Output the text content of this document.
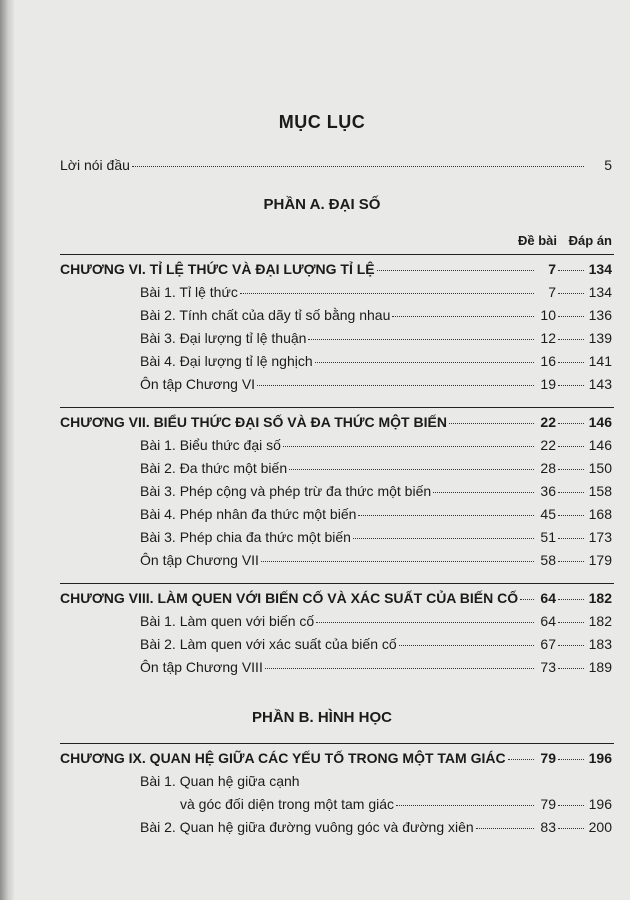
MỤC LỤC
Lời nói đầu	5
PHẦN A. ĐẠI SỐ
Đề bài Đáp án
CHƯƠNG VI. TỈ LỆ THỨC VÀ ĐẠI LƯỢNG TỈ LỆ	7 134
Bài 1. Tỉ lệ thức	7 134
Bài 2. Tính chất của dãy tỉ số bằng nhau	10 136
Bài 3. Đại lượng tỉ lệ thuận	12 139
Bài 4. Đại lượng tỉ lệ nghịch	16 141
Ôn tập Chương VI	19 143
CHƯƠNG VII. BIỂU THỨC ĐẠI SỐ VÀ ĐA THỨC MỘT BIẾN	22 146
Bài 1. Biểu thức đại số	22 146
Bài 2. Đa thức một biến	28 150
Bài 3. Phép cộng và phép trừ đa thức một biến	36 158
Bài 4. Phép nhân đa thức một biến	45 168
Bài 3. Phép chia đa thức một biến	51 173
Ôn tập Chương VII	58 179
CHƯƠNG VIII. LÀM QUEN VỚI BIẾN CỐ VÀ XÁC SUẤT CỦA BIẾN CỐ	64 182
Bài 1. Làm quen với biến cố	64 182
Bài 2. Làm quen với xác suất của biến cố	67 183
Ôn tập Chương VIII	73 189
PHẦN B. HÌNH HỌC
CHƯƠNG IX. QUAN HỆ GIỮA CÁC YẾU TỐ TRONG MỘT TAM GIÁC	79 196
Bài 1. Quan hệ giữa cạnh
và góc đối diện trong một tam giác	79 196
Bài 2. Quan hệ giữa đường vuông góc và đường xiên	83 200
